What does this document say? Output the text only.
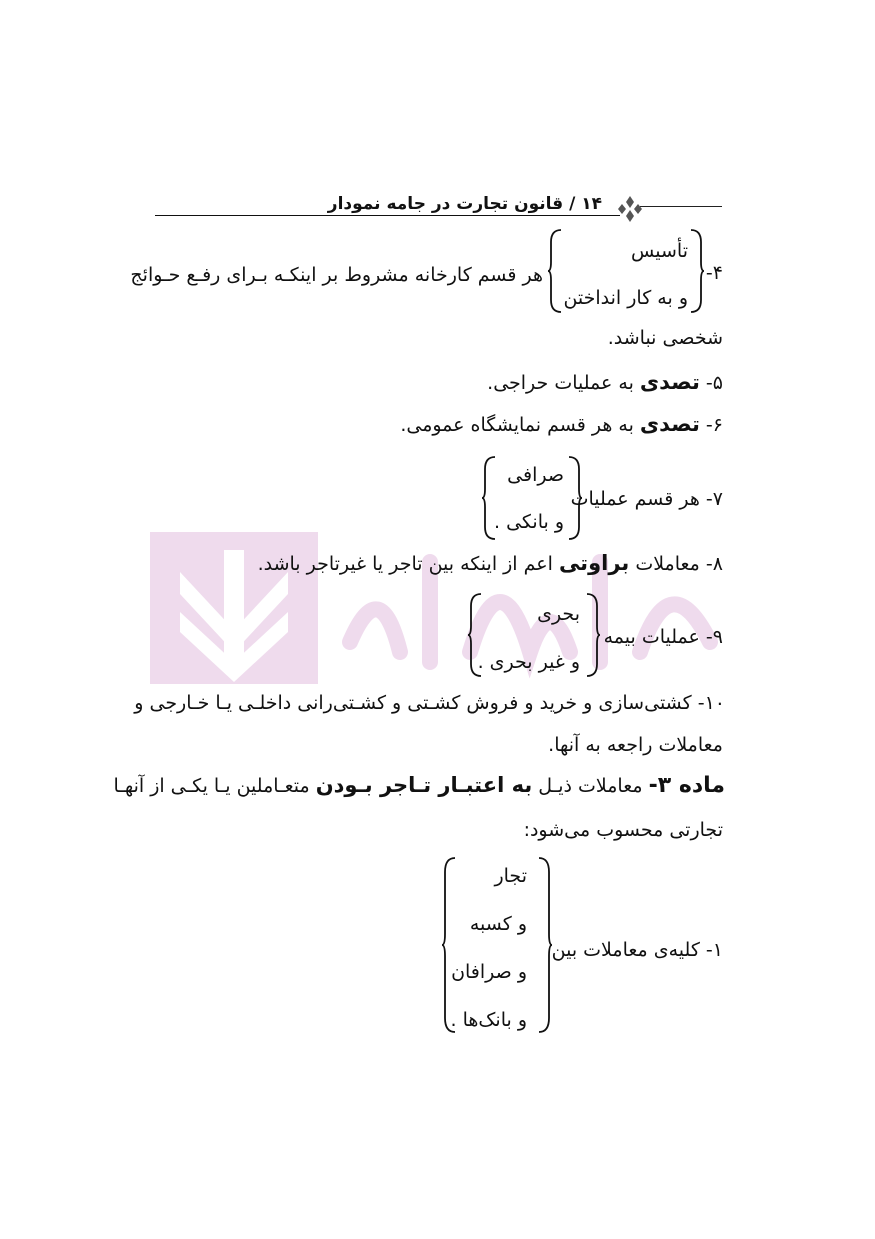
۱۴ / قانون تجارت در جامه نمودار
۴-
تأسیس
و به کار انداختن
هر قسم کارخانه مشروط بر اینکـه بـرای رفـع حـوائج
شخصی نباشد.
۵- تصدی به عملیات حراجی.
۶- تصدی به هر قسم نمایشگاه عمومی.
۷- هر قسم عملیات
صرافی
و بانکی .
۸- معاملات براوتی اعم از اینکه بین تاجر یا غیرتاجر باشد.
۹- عملیات بیمه
بحری
و غیر بحری .
۱۰- کشتی‌سازی و خرید و فروش کشـتی و کشـتی‌رانی داخلـی یـا خـارجی و
معاملات راجعه به آنها.
ماده ۳- معاملات ذیـل به اعتبـار تـاجر بـودن متعـاملین یـا یکـی از آنهـا
تجارتی محسوب می‌شود:
۱- کلیه‌ی معاملات بین
تجار
و کسبه
و صرافان
و بانک‌ها .
